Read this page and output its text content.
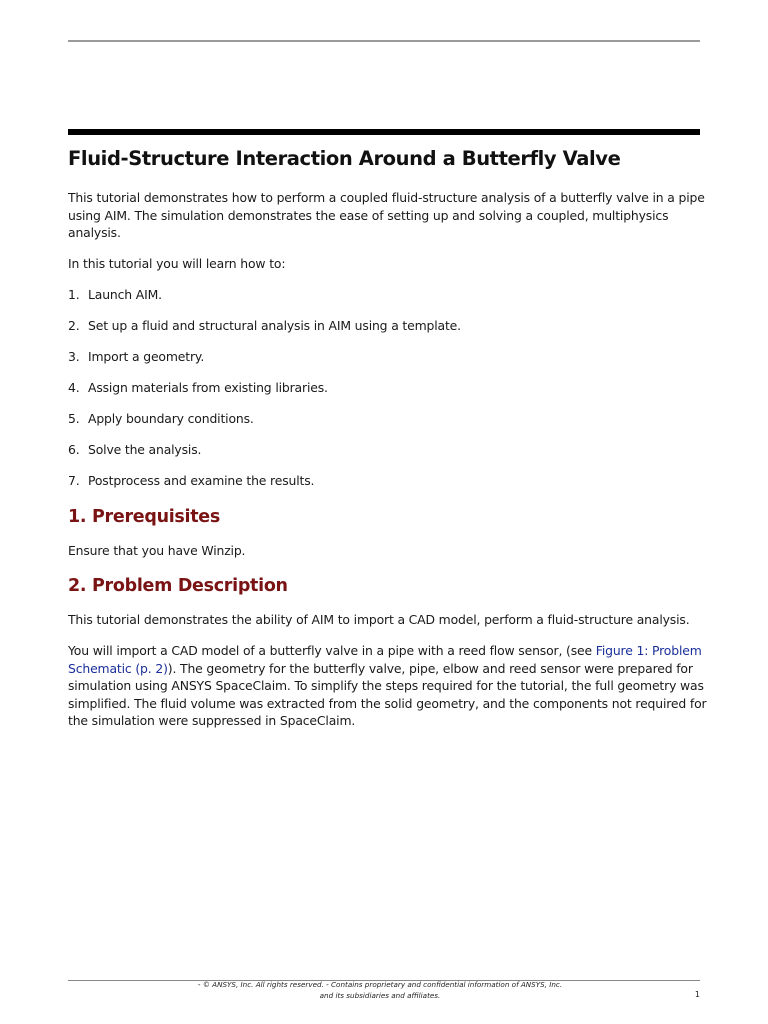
Fluid-Structure Interaction Around a Butterfly Valve

This tutorial demonstrates how to perform a coupled fluid-structure analysis of a butterfly valve in a pipe using AIM. The simulation demonstrates the ease of setting up and solving a coupled, multiphysics analysis.

In this tutorial you will learn how to:

1. Launch AIM.
2. Set up a fluid and structural analysis in AIM using a template.
3. Import a geometry.
4. Assign materials from existing libraries.
5. Apply boundary conditions.
6. Solve the analysis.
7. Postprocess and examine the results.
1. Prerequisites

Ensure that you have Winzip.

2. Problem Description

This tutorial demonstrates the ability of AIM to import a CAD model, perform a fluid-structure analysis.

You will import a CAD model of a butterfly valve in a pipe with a reed flow sensor, (see Figure 1: Problem Schematic (p. 2)). The geometry for the butterfly valve, pipe, elbow and reed sensor were prepared for simulation using ANSYS SpaceClaim. To simplify the steps required for the tutorial, the full geometry was simplified. The fluid volume was extracted from the solid geometry, and the components not required for the simulation were suppressed in SpaceClaim.

- © ANSYS, Inc. All rights reserved. - Contains proprietary and confidential information of ANSYS, Inc.
and its subsidiaries and affiliates.	1
